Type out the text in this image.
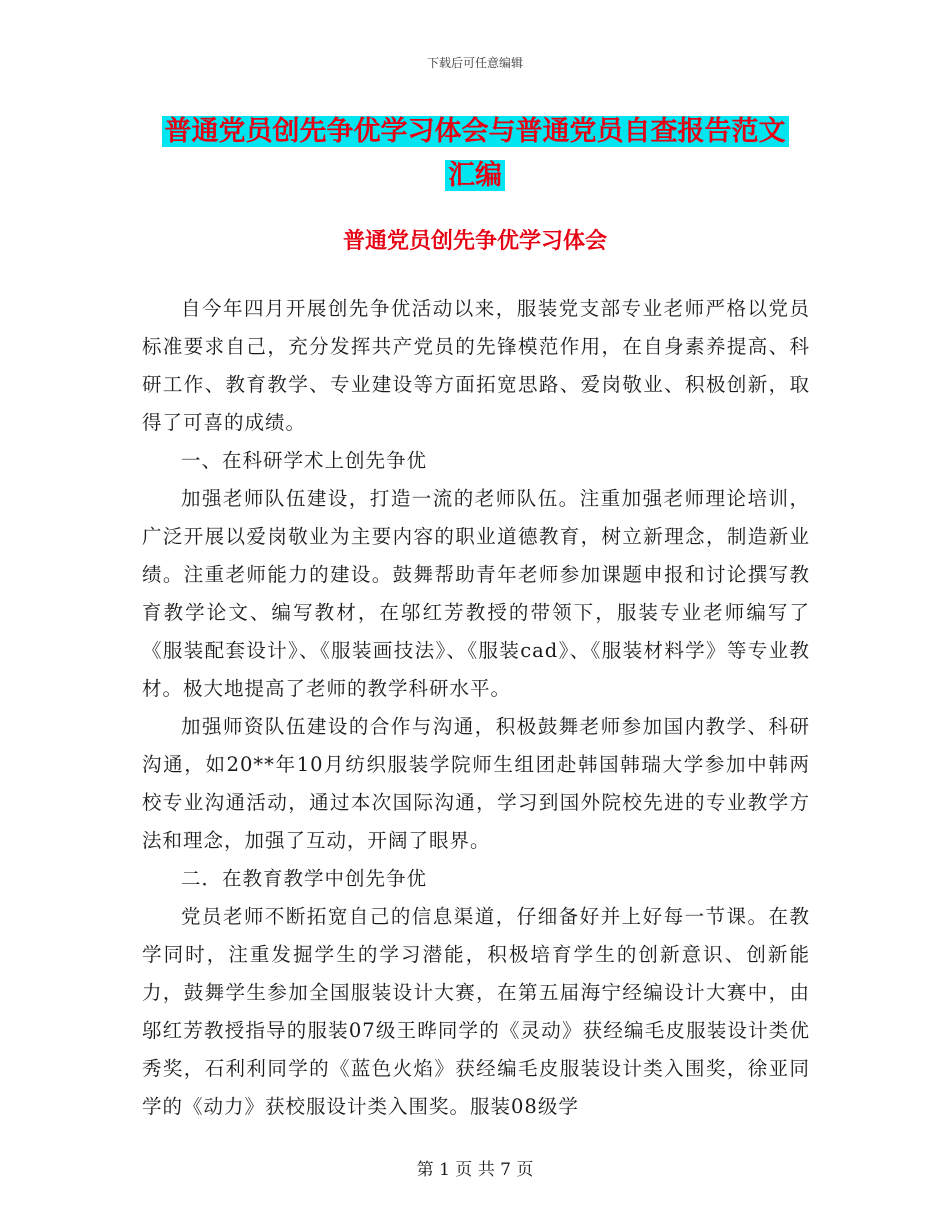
下载后可任意编辑
普通党员创先争优学习体会与普通党员自查报告范文
汇编
普通党员创先争优学习体会

自今年四月开展创先争优活动以来，服装党支部专业老师严格以党员标准要求自己，充分发挥共产党员的先锋模范作用，在自身素养提高、科研工作、教育教学、专业建设等方面拓宽思路、爱岗敬业、积极创新，取得了可喜的成绩。

一、在科研学术上创先争优

加强老师队伍建设，打造一流的老师队伍。注重加强老师理论培训，广泛开展以爱岗敬业为主要内容的职业道德教育，树立新理念，制造新业绩。注重老师能力的建设。鼓舞帮助青年老师参加课题申报和讨论撰写教育教学论文、编写教材，在邬红芳教授的带领下，服装专业老师编写了《服装配套设计》、《服装画技法》、《服装cad》、《服装材料学》等专业教材。极大地提高了老师的教学科研水平。

加强师资队伍建设的合作与沟通，积极鼓舞老师参加国内教学、科研沟通，如20**年10月纺织服装学院师生组团赴韩国韩瑞大学参加中韩两校专业沟通活动，通过本次国际沟通，学习到国外院校先进的专业教学方法和理念，加强了互动，开阔了眼界。

二．在教育教学中创先争优

党员老师不断拓宽自己的信息渠道，仔细备好并上好每一节课。在教学同时，注重发掘学生的学习潜能，积极培育学生的创新意识、创新能力，鼓舞学生参加全国服装设计大赛，在第五届海宁经编设计大赛中，由邬红芳教授指导的服装07级王晔同学的《灵动》获经编毛皮服装设计类优秀奖，石利利同学的《蓝色火焰》获经编毛皮服装设计类入围奖，徐亚同学的《动力》获校服设计类入围奖。服装08级学

第 1 页 共 7 页
